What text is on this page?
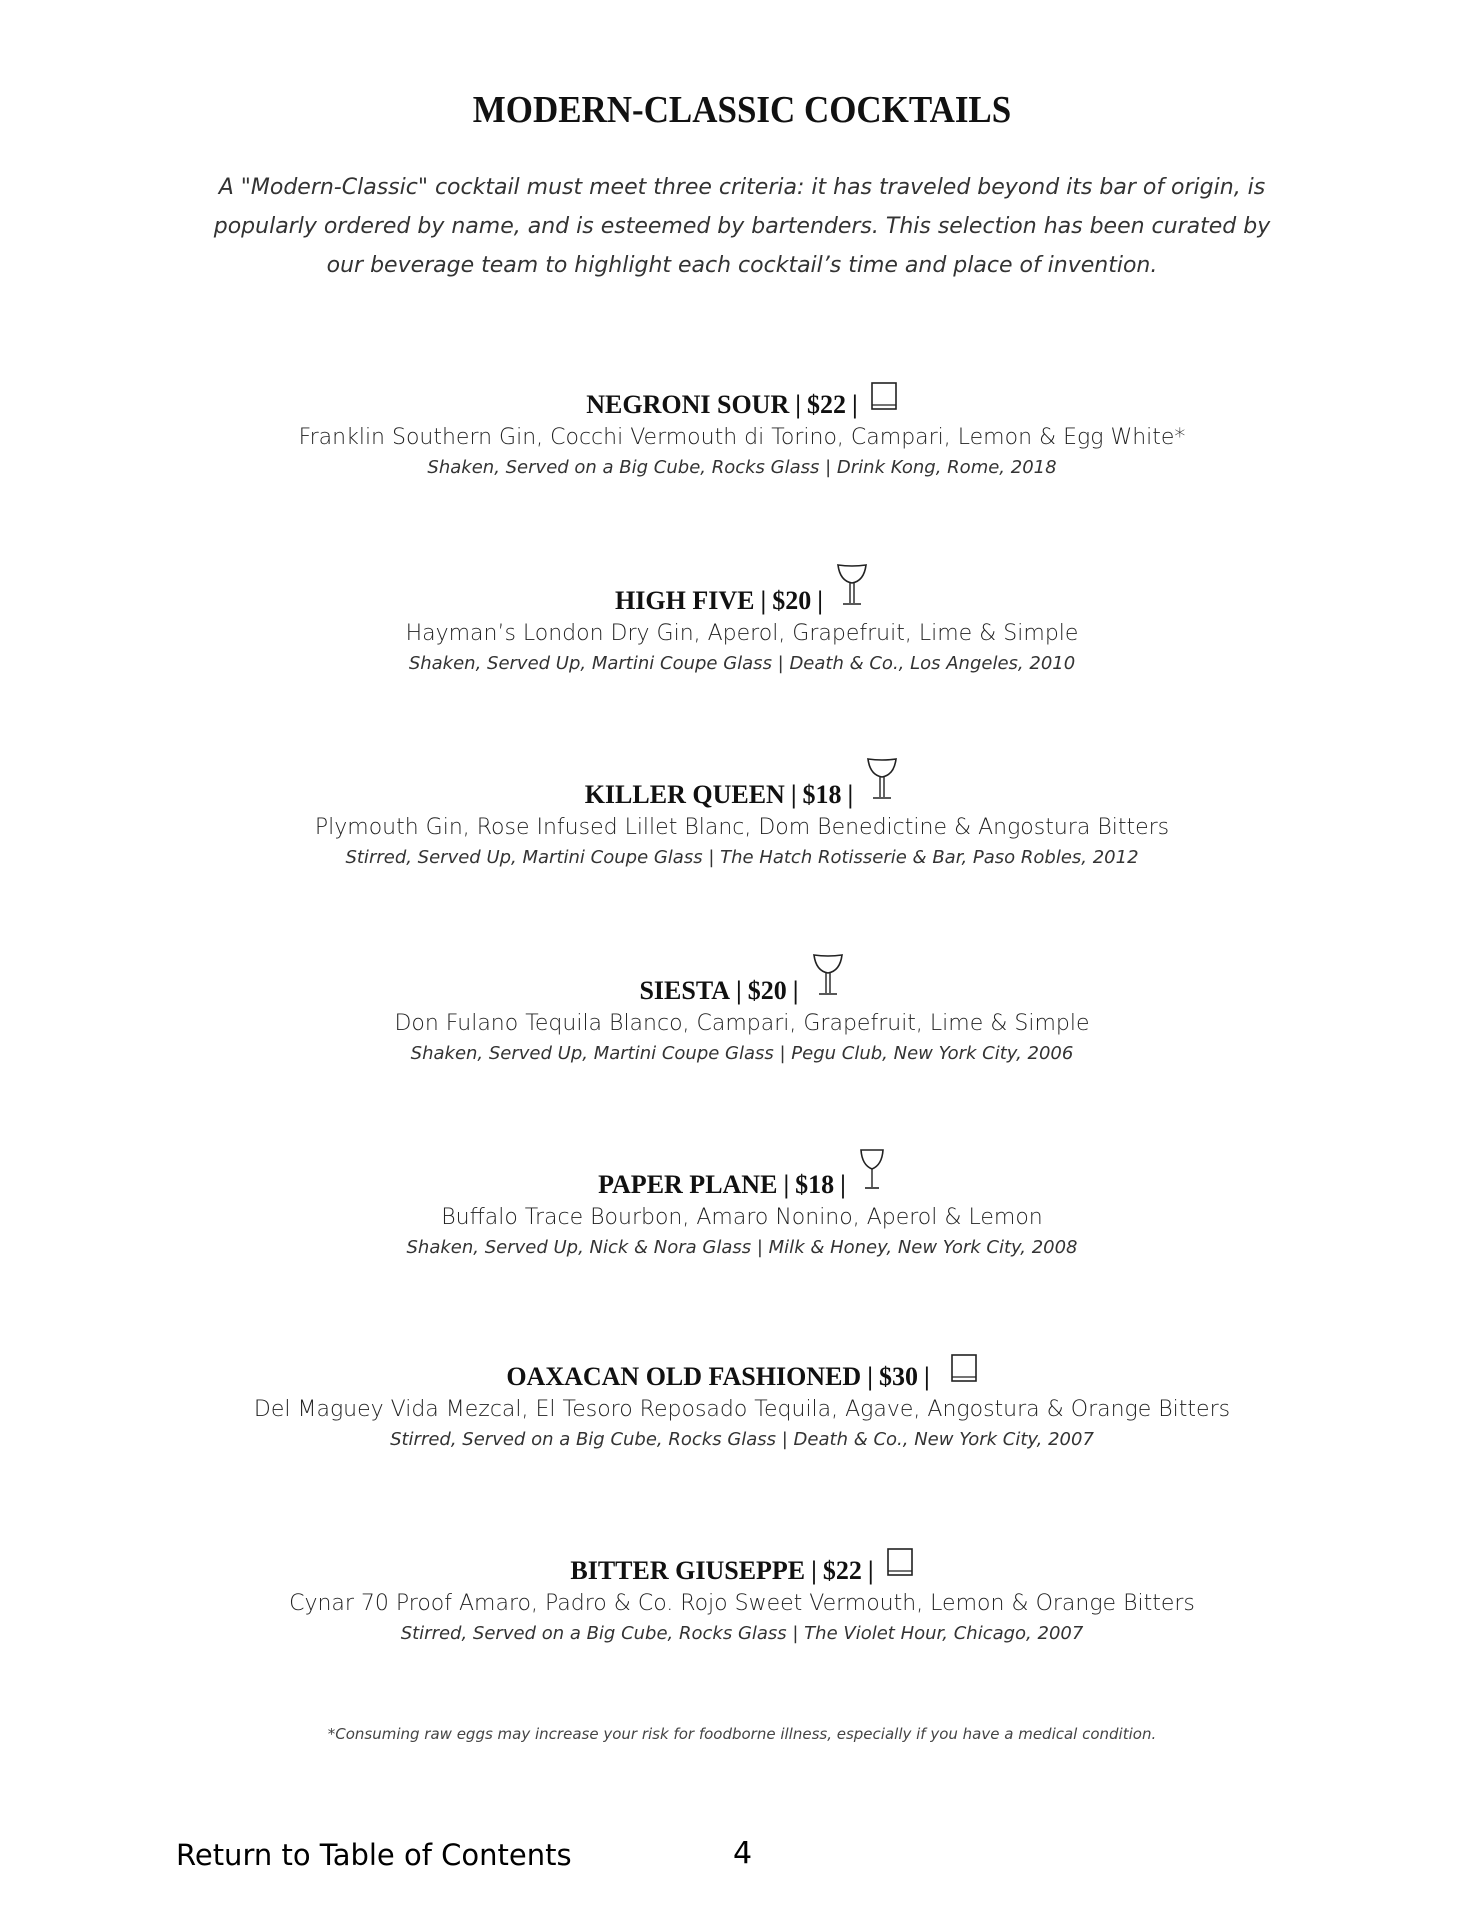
MODERN-CLASSIC COCKTAILS
A "Modern-Classic" cocktail must meet three criteria: it has traveled beyond its bar of origin, is popularly ordered by name, and is esteemed by bartenders. This selection has been curated by our beverage team to highlight each cocktail’s time and place of invention.
NEGRONI SOUR | $22 |
Franklin Southern Gin, Cocchi Vermouth di Torino, Campari, Lemon & Egg White*
Shaken, Served on a Big Cube, Rocks Glass | Drink Kong, Rome, 2018
HIGH FIVE | $20 |
Hayman’s London Dry Gin, Aperol, Grapefruit, Lime & Simple
Shaken, Served Up, Martini Coupe Glass | Death & Co., Los Angeles, 2010
KILLER QUEEN | $18 |
Plymouth Gin, Rose Infused Lillet Blanc, Dom Benedictine & Angostura Bitters
Stirred, Served Up, Martini Coupe Glass | The Hatch Rotisserie & Bar, Paso Robles, 2012
SIESTA | $20 |
Don Fulano Tequila Blanco, Campari, Grapefruit, Lime & Simple
Shaken, Served Up, Martini Coupe Glass | Pegu Club, New York City, 2006
PAPER PLANE | $18 |
Buffalo Trace Bourbon, Amaro Nonino, Aperol & Lemon
Shaken, Served Up, Nick & Nora Glass | Milk & Honey, New York City, 2008
OAXACAN OLD FASHIONED | $30 |
Del Maguey Vida Mezcal, El Tesoro Reposado Tequila, Agave, Angostura & Orange Bitters
Stirred, Served on a Big Cube, Rocks Glass | Death & Co., New York City, 2007
BITTER GIUSEPPE | $22 |
Cynar 70 Proof Amaro, Padro & Co. Rojo Sweet Vermouth, Lemon & Orange Bitters
Stirred, Served on a Big Cube, Rocks Glass | The Violet Hour, Chicago, 2007
*Consuming raw eggs may increase your risk for foodborne illness, especially if you have a medical condition.
Return to Table of Contents	4
